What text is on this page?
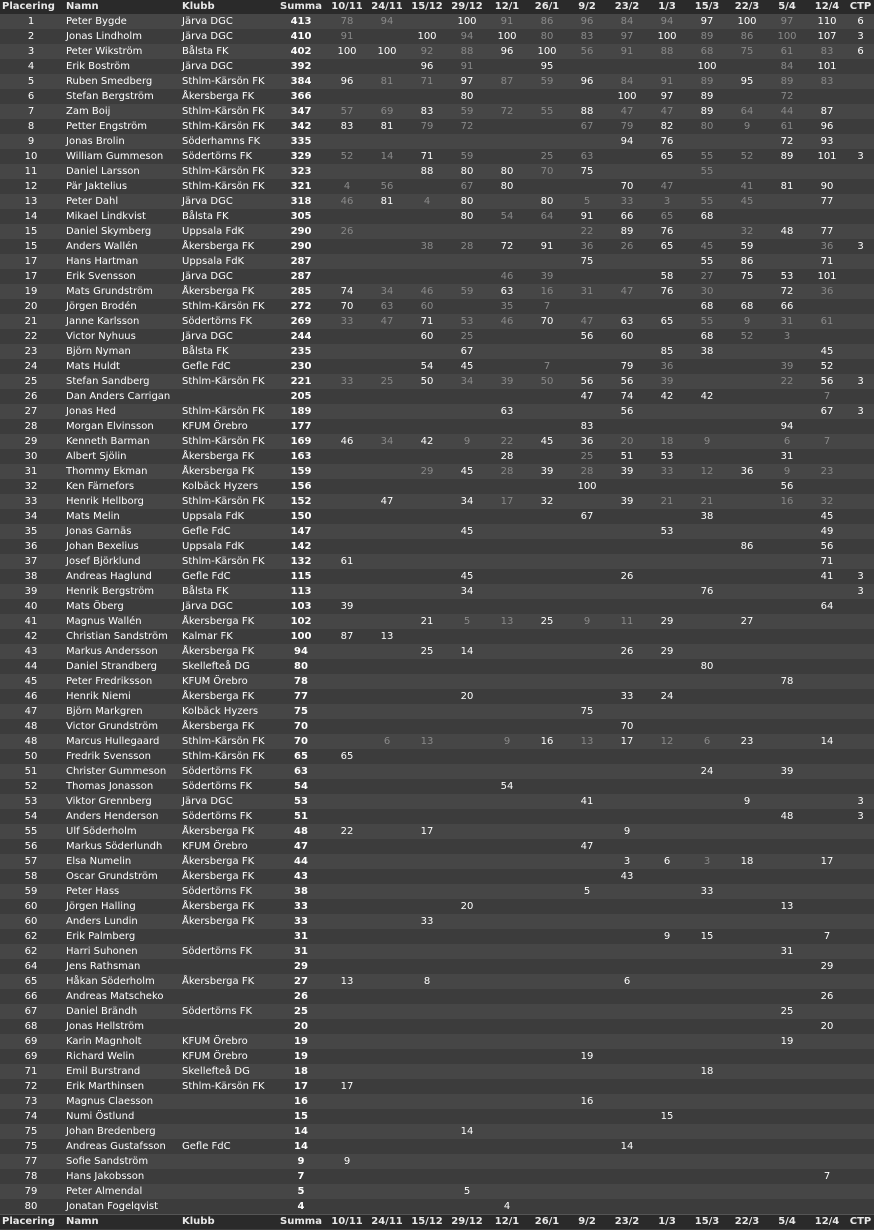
Placering	Namn	Klubb	Summa	10/11	24/11	15/12	29/12	12/1	26/1	9/2	23/2	1/3	15/3	22/3	5/4	12/4	CTP
1	Peter Bygde	Järva DGC	413	78	94		100	91	86	96	84	94	97	100	97	110	6
2	Jonas Lindholm	Järva DGC	410	91		100	94	100	80	83	97	100	89	86	100	107	3
3	Peter Wikström	Bålsta FK	402	100	100	92	88	96	100	56	91	88	68	75	61	83	6
4	Erik Boström	Järva DGC	392			96	91		95				100		84	101	
5	Ruben Smedberg	Sthlm-Kärsön FK	384	96	81	71	97	87	59	96	84	91	89	95	89	83	
6	Stefan Bergström	Åkersberga FK	366				80				100	97	89		72		
7	Zam Boij	Sthlm-Kärsön FK	347	57	69	83	59	72	55	88	47	47	89	64	44	87	
8	Petter Engström	Sthlm-Kärsön FK	342	83	81	79	72			67	79	82	80	9	61	96	
9	Jonas Brolin	Söderhamns FK	335								94	76			72	93	
10	William Gummeson	Södertörns FK	329	52	14	71	59		25	63		65	55	52	89	101	3
11	Daniel Larsson	Sthlm-Kärsön FK	323			88	80	80	70	75			55				
12	Pär Jaktelius	Sthlm-Kärsön FK	321	4	56		67	80			70	47		41	81	90	
13	Peter Dahl	Järva DGC	318	46	81	4	80		80	5	33	3	55	45		77	
14	Mikael Lindkvist	Bålsta FK	305				80	54	64	91	66	65	68				
15	Daniel Skymberg	Uppsala FdK	290	26						22	89	76		32	48	77	
15	Anders Wallén	Åkersberga FK	290			38	28	72	91	36	26	65	45	59		36	3
17	Hans Hartman	Uppsala FdK	287							75			55	86		71	
17	Erik Svensson	Järva DGC	287					46	39			58	27	75	53	101	
19	Mats Grundström	Åkersberga FK	285	74	34	46	59	63	16	31	47	76	30		72	36	
20	Jörgen Brodén	Sthlm-Kärsön FK	272	70	63	60		35	7				68	68	66		
21	Janne Karlsson	Södertörns FK	269	33	47	71	53	46	70	47	63	65	55	9	31	61	
22	Victor Nyhuus	Järva DGC	244			60	25			56	60		68	52	3		
23	Björn Nyman	Bålsta FK	235				67					85	38			45	
24	Mats Huldt	Gefle FdC	230			54	45		7		79	36			39	52	
25	Stefan Sandberg	Sthlm-Kärsön FK	221	33	25	50	34	39	50	56	56	39			22	56	3
26	Dan Anders Carrigan		205							47	74	42	42			7	
27	Jonas Hed	Sthlm-Kärsön FK	189					63			56					67	3
28	Morgan Elvinsson	KFUM Örebro	177							83					94		
29	Kenneth Barman	Sthlm-Kärsön FK	169	46	34	42	9	22	45	36	20	18	9		6	7	
30	Albert Sjölin	Åkersberga FK	163					28		25	51	53			31		
31	Thommy Ekman	Åkersberga FK	159			29	45	28	39	28	39	33	12	36	9	23	
32	Ken Färnefors	Kolbäck Hyzers	156							100					56		
33	Henrik Hellborg	Sthlm-Kärsön FK	152		47		34	17	32		39	21	21		16	32	
34	Mats Melin	Uppsala FdK	150							67			38			45	
35	Jonas Garnäs	Gefle FdC	147				45					53				49	
36	Johan Bexelius	Uppsala FdK	142											86		56	
37	Josef Björklund	Sthlm-Kärsön FK	132	61												71	
38	Andreas Haglund	Gefle FdC	115				45				26					41	3
39	Henrik Bergström	Bålsta FK	113				34						76				3
40	Mats Öberg	Järva DGC	103	39												64	
41	Magnus Wallén	Åkersberga FK	102			21	5	13	25	9	11	29		27			
42	Christian Sandström	Kalmar FK	100	87	13												
43	Markus Andersson	Åkersberga FK	94			25	14				26	29					
44	Daniel Strandberg	Skellefteå DG	80										80				
45	Peter Fredriksson	KFUM Örebro	78												78		
46	Henrik Niemi	Åkersberga FK	77				20				33	24					
47	Björn Markgren	Kolbäck Hyzers	75							75							
48	Victor Grundström	Åkersberga FK	70								70						
48	Marcus Hullegaard	Sthlm-Kärsön FK	70		6	13		9	16	13	17	12	6	23		14	
50	Fredrik Svensson	Sthlm-Kärsön FK	65	65													
51	Christer Gummeson	Södertörns FK	63										24		39		
52	Thomas Jonasson	Södertörns FK	54					54									
53	Viktor Grennberg	Järva DGC	53							41				9			3
54	Anders Henderson	Södertörns FK	51												48		3
55	Ulf Söderholm	Åkersberga FK	48	22		17					9						
56	Markus Söderlundh	KFUM Örebro	47							47							
57	Elsa Numelin	Åkersberga FK	44								3	6	3	18		17	
58	Oscar Grundström	Åkersberga FK	43								43						
59	Peter Hass	Södertörns FK	38							5			33				
60	Jörgen Halling	Åkersberga FK	33				20								13		
60	Anders Lundin	Åkersberga FK	33			33											
62	Erik Palmberg		31									9	15			7	
62	Harri Suhonen	Södertörns FK	31												31		
64	Jens Rathsman		29													29	
65	Håkan Söderholm	Åkersberga FK	27	13		8					6						
66	Andreas Matscheko		26													26	
67	Daniel Brändh	Södertörns FK	25												25		
68	Jonas Hellström		20													20	
69	Karin Magnholt	KFUM Örebro	19												19		
69	Richard Welin	KFUM Örebro	19							19							
71	Emil Burstrand	Skellefteå DG	18										18				
72	Erik Marthinsen	Sthlm-Kärsön FK	17	17													
73	Magnus Claesson		16							16							
74	Numi Östlund		15									15					
75	Johan Bredenberg		14				14										
75	Andreas Gustafsson	Gefle FdC	14								14						
77	Sofie Sandström		9	9													
78	Hans Jakobsson		7													7	
79	Peter Almendal		5				5										
80	Jonatan Fogelqvist		4					4									
Placering	Namn	Klubb	Summa	10/11	24/11	15/12	29/12	12/1	26/1	9/2	23/2	1/3	15/3	22/3	5/4	12/4	CTP
